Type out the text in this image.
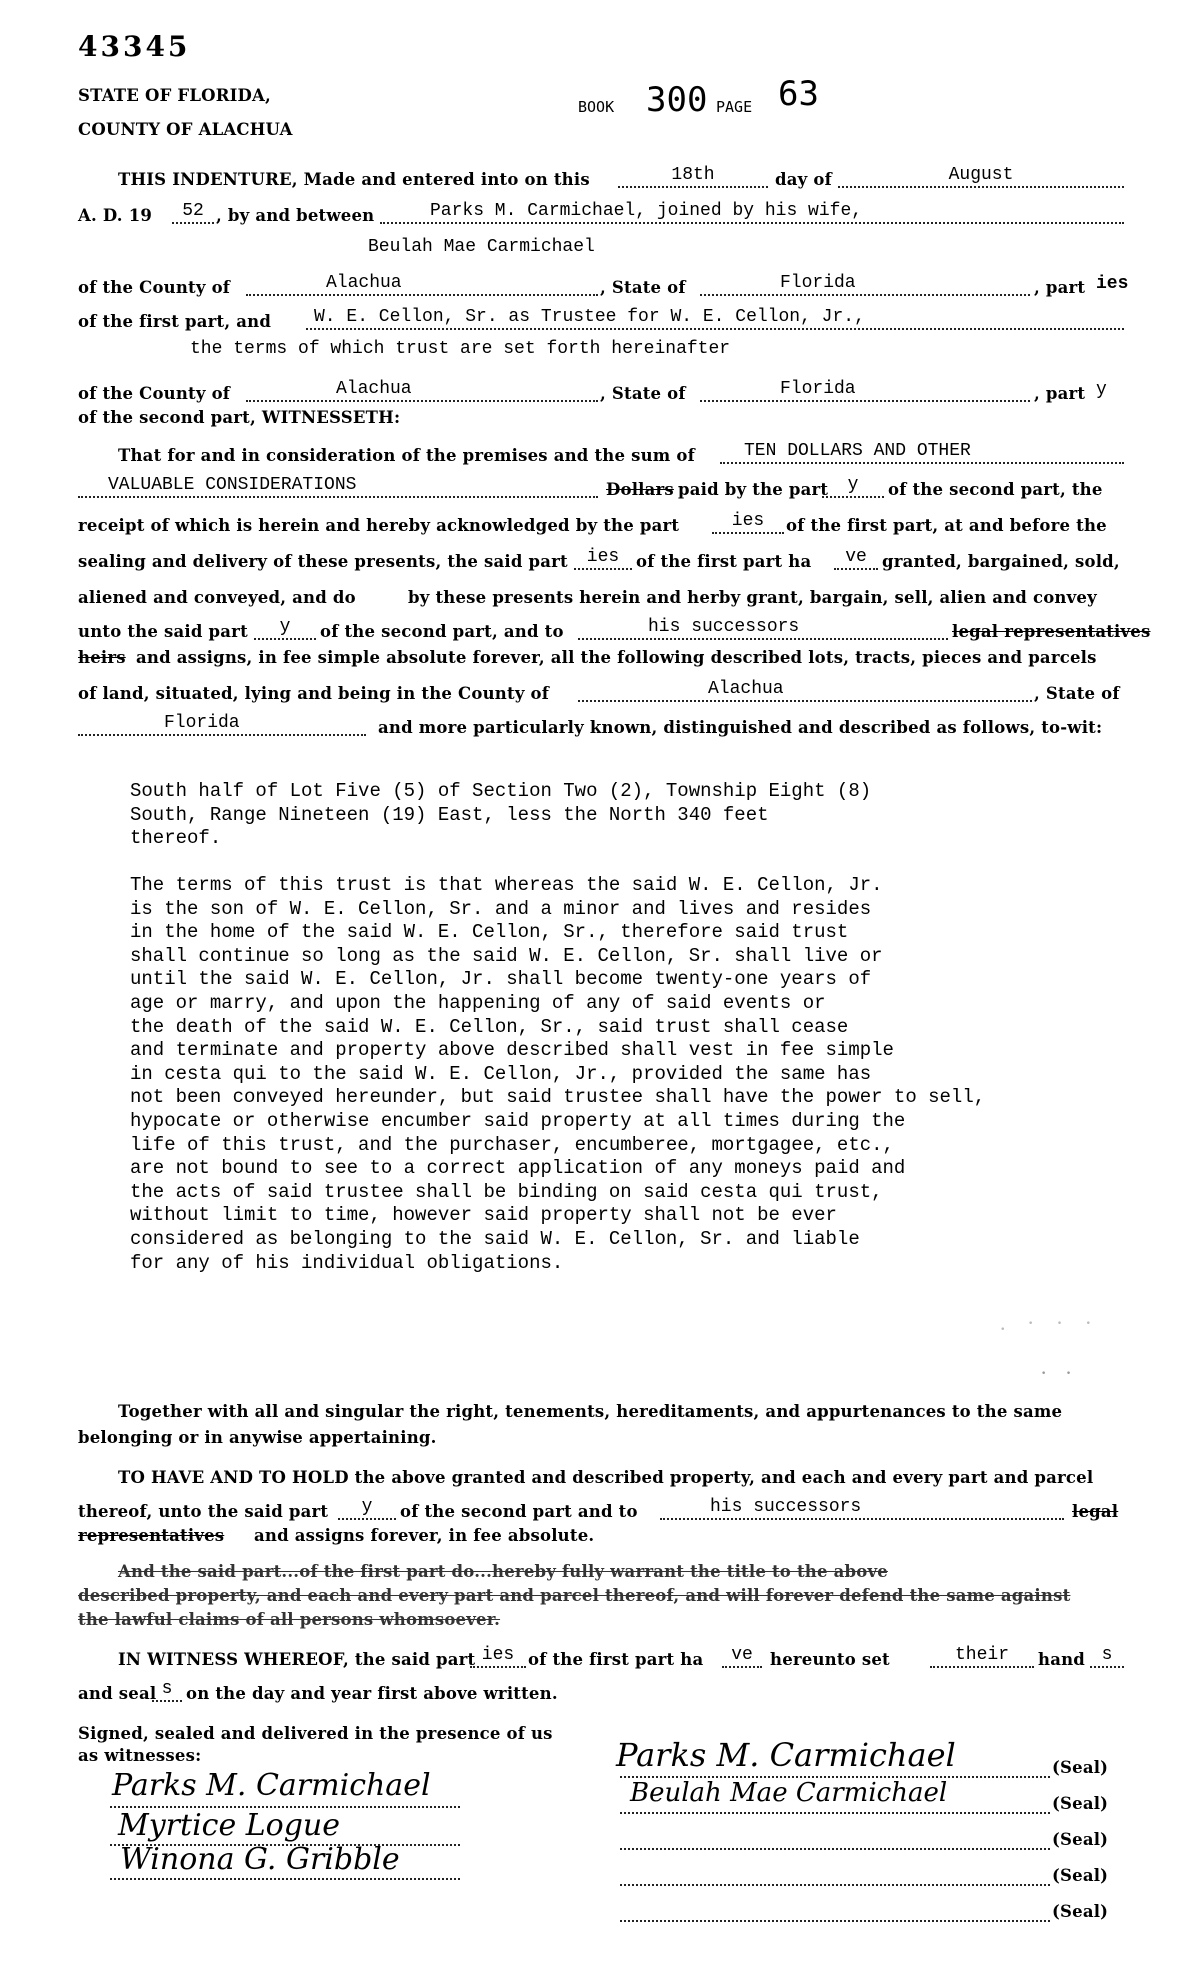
43345
STATE OF FLORIDA,
COUNTY OF ALACHUA
BOOK 300 PAGE 63
THIS INDENTURE, Made and entered into on this	18th	day of	August
A. D. 19	52 , by and between	Parks M. Carmichael, joined by his wife,
Beulah Mae Carmichael
of the County of	Alachua	, State of	Florida	, part ies
of the first part, and W. E. Cellon, Sr. as Trustee for W. E. Cellon, Jr.,
the terms of which trust are set forth hereinafter
of the County of	Alachua	, State of	Florida	, part y
of the second part, WITNESSETH:
That for and in consideration of the premises and the sum of	TEN DOLLARS AND OTHER
VALUABLE CONSIDERATIONS	Dollars paid by the part	y	of the second part, the
receipt of which is herein and hereby acknowledged by the part	ies	of the first part, at and before the
sealing and delivery of these presents, the said part	ies	of the first part ha	ve granted, bargained, sold,
aliened and conveyed, and do	by these presents herein and herby grant, bargain, sell, alien and convey
unto the said part	y	of the second part, and to	his successors	legal representatives
heirs and assigns, in fee simple absolute forever, all the following described lots, tracts, pieces and parcels
of land, situated, lying and being in the County of	Alachua	, State of
Florida	and more particularly known, distinguished and described as follows, to-wit:
South half of Lot Five (5) of Section Two (2), Township Eight (8)
South, Range Nineteen (19) East, less the North 340 feet
thereof.
The terms of this trust is that whereas the said W. E. Cellon, Jr.
is the son of W. E. Cellon, Sr. and a minor and lives and resides
in the home of the said W. E. Cellon, Sr., therefore said trust
shall continue so long as the said W. E. Cellon, Sr. shall live or
until the said W. E. Cellon, Jr. shall become twenty-one years of
age or marry, and upon the happening of any of said events or
the death of the said W. E. Cellon, Sr., said trust shall cease
and terminate and property above described shall vest in fee simple
in cesta qui to the said W. E. Cellon, Jr., provided the same has
not been conveyed hereunder, but said trustee shall have the power to sell,
hypocate or otherwise encumber said property at all times during the
life of this trust, and the purchaser, encumberee, mortgagee, etc.,
are not bound to see to a correct application of any moneys paid and
the acts of said trustee shall be binding on said cesta qui trust,
without limit to time, however said property shall not be ever
considered as belonging to the said W. E. Cellon, Sr. and liable
for any of his individual obligations.
. · · ·
· ·
Together with all and singular the right, tenements, hereditaments, and appurtenances to the same
belonging or in anywise appertaining.
TO HAVE AND TO HOLD the above granted and described property, and each and every part and parcel
thereof, unto the said part	y	of the second part and to	his successors	legal
representatives and assigns forever, in fee absolute.
And the said part...of the first part do...hereby fully warrant the title to the above
described property, and each and every part and parcel thereof, and will forever defend the same against
the lawful claims of all persons whomsoever.
IN WITNESS WHEREOF, the said part ies of the first part ha	ve	hereunto set	their	hand s
and seal s on the day and year first above written.
Signed, sealed and delivered in the presence of us
as witnesses:
Parks M. Carmichael
Myrtice Logue
Winona G. Gribble
Parks M. Carmichael	(Seal)
Beulah Mae Carmichael	(Seal)
(Seal)
(Seal)
(Seal)
